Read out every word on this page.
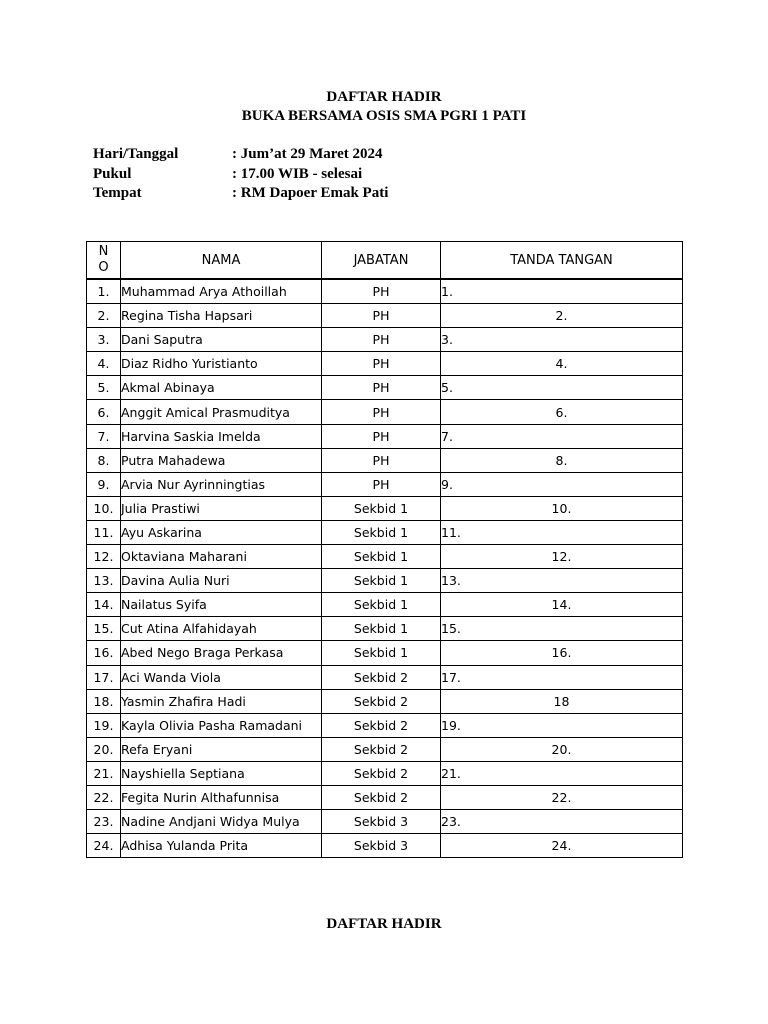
DAFTAR HADIR
BUKA BERSAMA OSIS SMA PGRI 1 PATI
Hari/Tanggal	: Jum’at 29 Maret 2024
Pukul	: 17.00 WIB - selesai
Tempat	: RM Dapoer Emak Pati
N O	NAMA	JABATAN	TANDA TANGAN
1.	Muhammad Arya Athoillah	PH	1.
2.	Regina Tisha Hapsari	PH	2.
3.	Dani Saputra	PH	3.
4.	Diaz Ridho Yuristianto	PH	4.
5.	Akmal Abinaya	PH	5.
6.	Anggit Amical Prasmuditya	PH	6.
7.	Harvina Saskia Imelda	PH	7.
8.	Putra Mahadewa	PH	8.
9.	Arvia Nur Ayrinningtias	PH	9.
10.	Julia Prastiwi	Sekbid 1	10.
11.	Ayu Askarina	Sekbid 1	11.
12.	Oktaviana Maharani	Sekbid 1	12.
13.	Davina Aulia Nuri	Sekbid 1	13.
14.	Nailatus Syifa	Sekbid 1	14.
15.	Cut Atina Alfahidayah	Sekbid 1	15.
16.	Abed Nego Braga Perkasa	Sekbid 1	16.
17.	Aci Wanda Viola	Sekbid 2	17.
18.	Yasmin Zhafira Hadi	Sekbid 2	18
19.	Kayla Olivia Pasha Ramadani	Sekbid 2	19.
20.	Refa Eryani	Sekbid 2	20.
21.	Nayshiella Septiana	Sekbid 2	21.
22.	Fegita Nurin Althafunnisa	Sekbid 2	22.
23.	Nadine Andjani Widya Mulya	Sekbid 3	23.
24.	Adhisa Yulanda Prita	Sekbid 3	24.
DAFTAR HADIR
